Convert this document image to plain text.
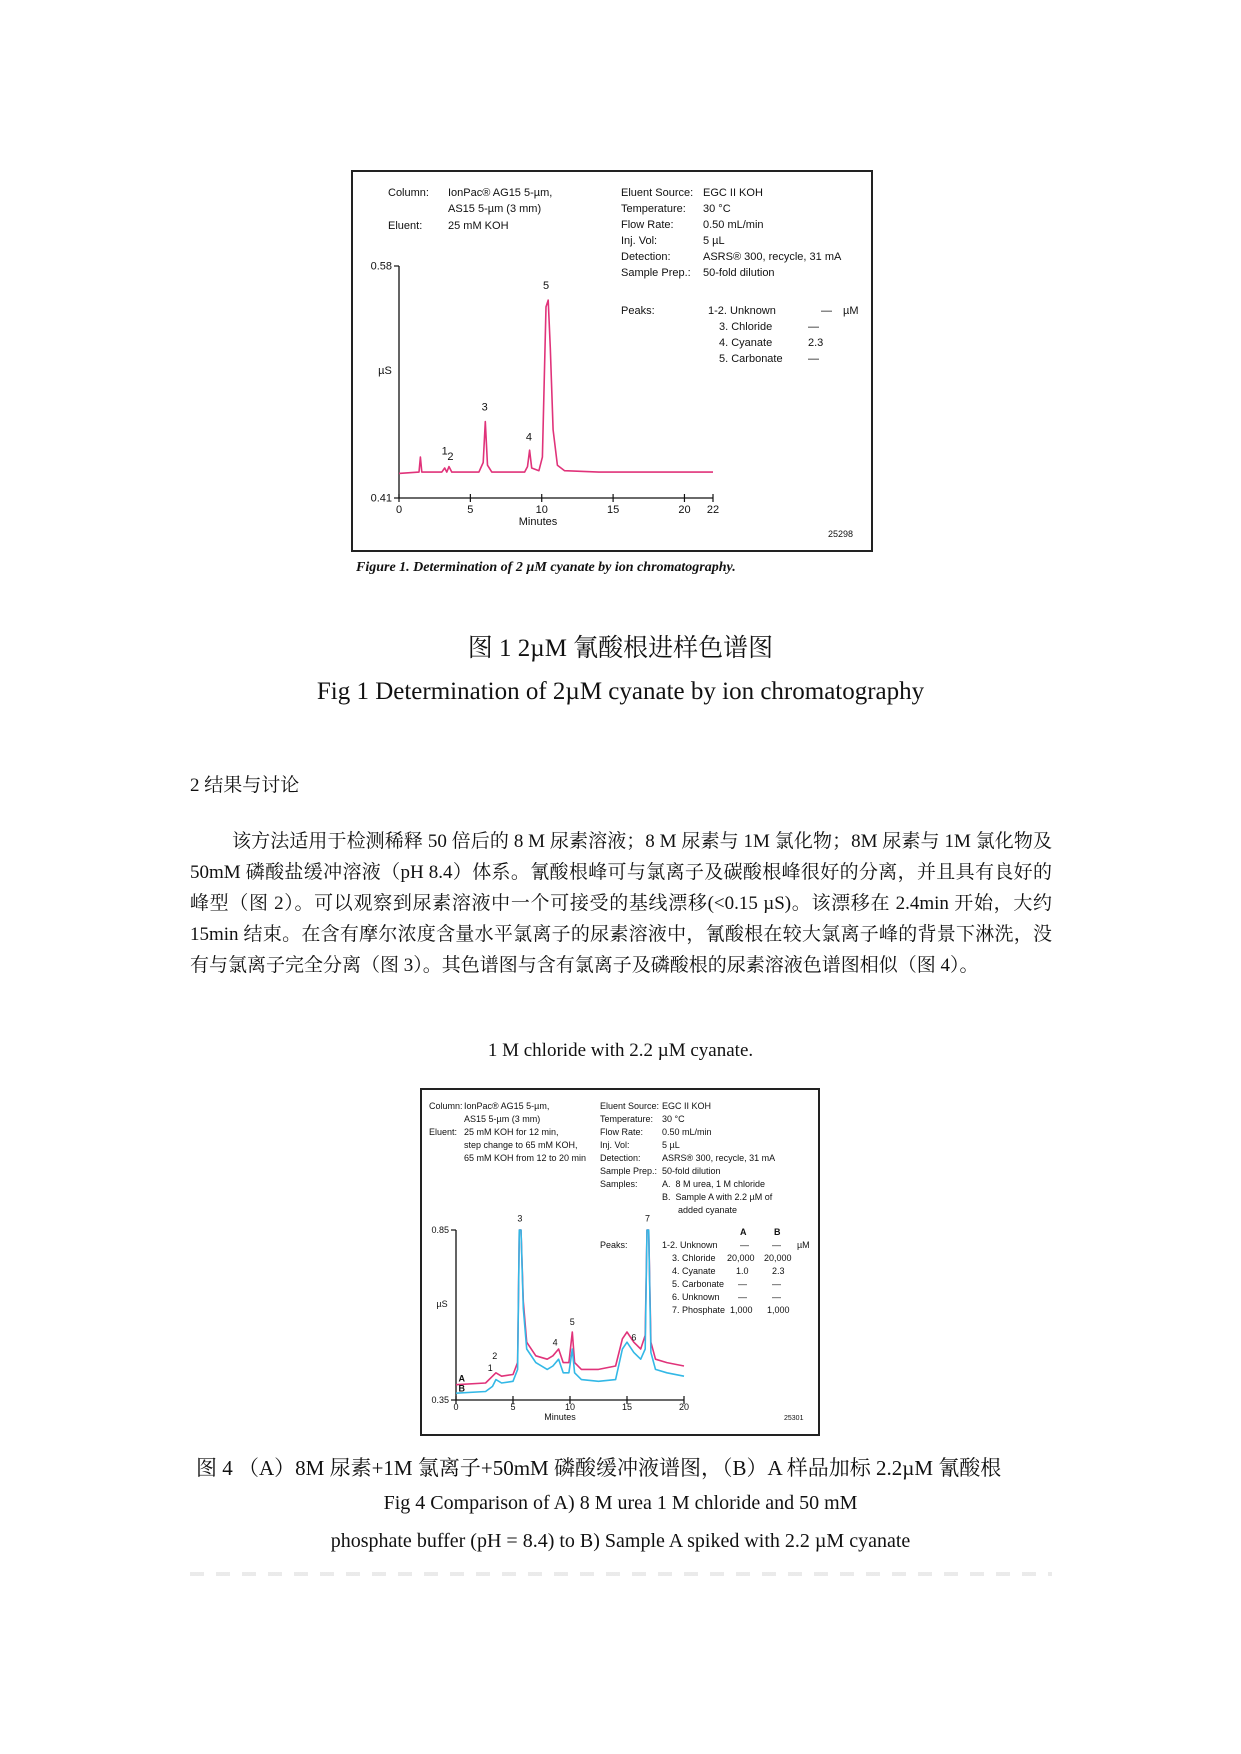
Column: IonPac® AG15 5-µm,
AS15 5-µm (3 mm)
Eluent: 25 mM KOH
Eluent Source: EGC II KOH
Temperature: 30 °C
Flow Rate:	0.50 mL/min
Inj. Vol:	5 µL
Detection:	ASRS® 300, recycle, 31 mA
Sample Prep.: 50-fold dilution
Peaks:	1-2. Unknown	— µM
3. Chloride	—
4. Cyanate	2.3
5. Carbonate —
0	5	10	15	20 22
Minutes
0.41
0.58
µS
1 2
3
4
5
25298
Figure 1. Determination of 2 µM cyanate by ion chromatography.
图 1 2µM 氰酸根进样色谱图
Fig 1 Determination of 2µM cyanate by ion chromatography
2 结果与讨论
该方法适用于检测稀释 50 倍后的 8 M 尿素溶液；8 M 尿素与 1M 氯化物；8M 尿素与 1M 氯化物及 50mM 磷酸盐缓冲溶液（pH 8.4）体系。氰酸根峰可与氯离子及碳酸根峰很好的分离，并且具有良好的峰型（图 2）。可以观察到尿素溶液中一个可接受的基线漂移(<0.15 µS)。该漂移在 2.4min 开始，大约 15min 结束。在含有摩尔浓度含量水平氯离子的尿素溶液中，氰酸根在较大氯离子峰的背景下淋洗，没有与氯离子完全分离（图 3）。其色谱图与含有氯离子及磷酸根的尿素溶液色谱图相似（图 4）。
1 M chloride with 2.2 µM cyanate.
Column: IonPac® AG15 5-µm,
AS15 5-µm (3 mm)
Eluent: 25 mM KOH for 12 min,
step change to 65 mM KOH,
65 mM KOH from 12 to 20 min
Eluent Source: EGC II KOH
Temperature: 30 °C
Flow Rate: 0.50 mL/min
Inj. Vol:	5 µL
Detection: ASRS® 300, recycle, 31 mA
Sample Prep.: 50-fold dilution
Samples:	A.  8 M urea, 1 M chloride
B.  Sample A with 2.2 µM of
added cyanate
A	B
Peaks:	1-2. Unknown —	— µM
3. Chloride 20,000 20,000
4. Cyanate 1.0	2.3
5. Carbonate —	—
6. Unknown —	—
7. Phosphate 1,000 1,000
0	5	10	15	20
Minutes
0.35
0.85
µS
1
2
3
4
5
6
7
A
B
25301
图 4 （A）8M 尿素+1M 氯离子+50mM 磷酸缓冲液谱图，（B）A 样品加标 2.2µM 氰酸根
Fig 4 Comparison of A) 8 M urea 1 M chloride and 50 mM
phosphate buffer (pH = 8.4) to B) Sample A spiked with 2.2 µM cyanate
